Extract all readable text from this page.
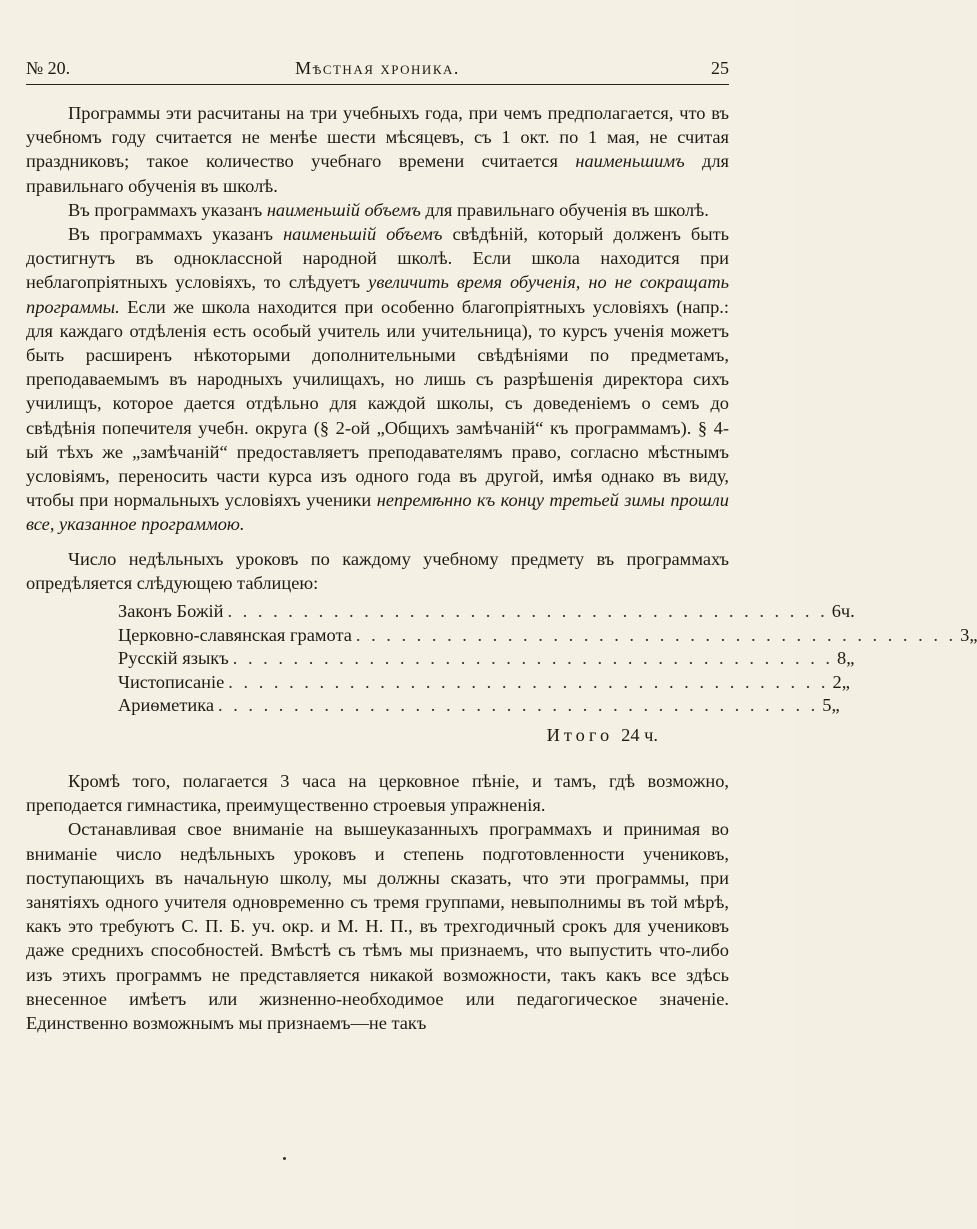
№ 20.	Мѣстная хроника.	25

Программы эти расчитаны на три учебныхъ года, при чемъ предполагается, что въ учебномъ году считается не менѣе шести мѣсяцевъ, съ 1 окт. по 1 мая, не считая праздниковъ; такое количество учебнаго времени считается наименьшимъ для правильнаго обученія въ школѣ.

Въ программахъ указанъ наименьшій объемъ для правильнаго обученія въ школѣ.

Въ программахъ указанъ наименьшій объемъ свѣдѣній, который долженъ быть достигнутъ въ одноклассной народной школѣ. Если школа находится при неблагопріятныхъ условіяхъ, то слѣдуетъ увеличить время обученія, но не сокращать программы. Если же школа находится при особенно благопріятныхъ условіяхъ (напр.: для каждаго отдѣленія есть особый учитель или учительница), то курсъ ученія можетъ быть расширенъ нѣкоторыми дополнительными свѣдѣніями по предметамъ, преподаваемымъ въ народныхъ училищахъ, но лишь съ разрѣшенія директора сихъ училищъ, которое дается отдѣльно для каждой школы, съ доведеніемъ о семъ до свѣдѣнія попечителя учебн. округа (§ 2-ой „Общихъ замѣчаній“ къ программамъ). § 4-ый тѣхъ же „замѣчаній“ предоставляетъ преподавателямъ право, согласно мѣстнымъ условіямъ, переносить части курса изъ одного года въ другой, имѣя однако въ виду, чтобы при нормальныхъ условіяхъ ученики непремѣнно къ концу третьей зимы прошли все, указанное программою.

Число недѣльныхъ уроковъ по каждому учебному предмету въ программахъ опредѣляется слѣдующею таблицею:

Законъ Божій . . . . . . . . . . . . . . . . . . . . . . . . . . . . . . . . . . . . . . . . 6 ч.
Церковно-славянская грамота . . . . . . . . . . . . . . . . . . . . . . . . . . . . . . . . . . . . . . . . 3 „
Русскій языкъ . . . . . . . . . . . . . . . . . . . . . . . . . . . . . . . . . . . . . . . . 8 „
Чистописаніе . . . . . . . . . . . . . . . . . . . . . . . . . . . . . . . . . . . . . . . . 2 „
Ариѳметика . . . . . . . . . . . . . . . . . . . . . . . . . . . . . . . . . . . . . . . . 5 „
Итого 24 ч.

Кромѣ того, полагается 3 часа на церковное пѣніе, и тамъ, гдѣ возможно, преподается гимнастика, преимущественно строевыя упражненія.

Останавливая свое вниманіе на вышеуказанныхъ программахъ и принимая во вниманіе число недѣльныхъ уроковъ и степень подготовленности учениковъ, поступающихъ въ начальную школу, мы должны сказать, что эти программы, при занятіяхъ одного учителя одновременно съ тремя группами, невыполнимы въ той мѣрѣ, какъ это требуютъ С. П. Б. уч. окр. и М. Н. П., въ трехгодичный срокъ для учениковъ даже среднихъ способностей. Вмѣстѣ съ тѣмъ мы признаемъ, что выпустить что-либо изъ этихъ программъ не представляется никакой возможности, такъ какъ все здѣсь внесенное имѣетъ или жизненно-необходимое или педагогическое значеніе. Единственно возможнымъ мы признаемъ—не такъ
